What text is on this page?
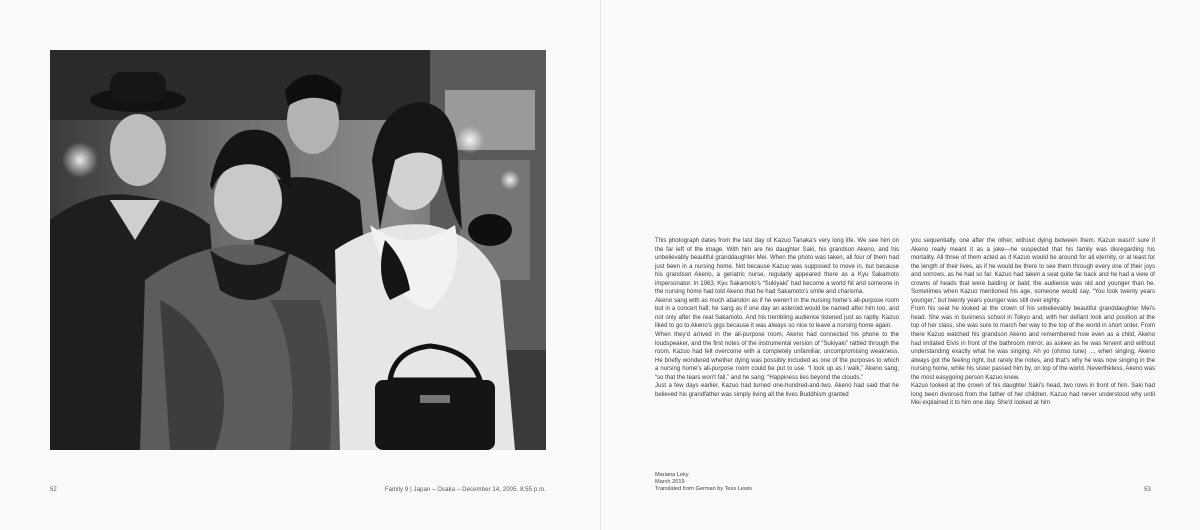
52	Family 9 | Japan – Osaka – December 14, 2005, 8:55 p.m.

This photograph dates from the last day of Kazuo Tanaka's very long life. We see him on the far left of the image. With him are his daughter Saki, his grandson Akeno, and his unbelievably beautiful granddaughter Mei. When the photo was taken, all four of them had just been in a nursing home. Not because Kazuo was supposed to move in, but because his grandson Akeno, a geriatric nurse, regularly appeared there as a Kyu Sakamoto impersonator. In 1963, Kyu Sakamoto's “Sukiyaki” had become a world hit and someone in the nursing home had told Akeno that he had Sakamoto's smile and charisma.

Akeno sang with as much abandon as if he weren't in the nursing home's all-purpose room but in a concert hall; he sang as if one day an asteroid would be named after him too, and not only after the real Sakamoto. And his trembling audience listened just as raptly. Kazuo liked to go to Akeno's gigs because it was always so nice to leave a nursing home again.

When they'd arrived in the all-purpose room, Akeno had connected his phone to the loudspeaker, and the first notes of the instrumental version of “Sukiyaki” rattled through the room. Kazuo had felt overcome with a completely unfamiliar, uncompromising weakness. He briefly wondered whether dying was possibly included as one of the purposes to which a nursing home's all-purpose room could be put to use. “I look up as I walk,” Akeno sang, “so that the tears won't fall,” and he sang: “Happiness lies beyond the clouds.”

Just a few days earlier, Kazuo had turned one-hundred-and-two. Akeno had said that he believed his grandfather was simply living all the lives Buddhism granted

you sequentially, one after the other, without dying between them. Kazuo wasn't sure if Akeno really meant it as a joke—he suspected that his family was disregarding his mortality. All three of them acted as if Kazuo would be around for all eternity, or at least for the length of their lives, as if he would be there to see them through every one of their joys and sorrows, as he had so far. Kazuo had taken a seat quite far back and he had a view of crowns of heads that were balding or bald; the audience was old and younger than he. Sometimes when Kazuo mentioned his age, someone would say, “You look twenty years younger,” but twenty years younger was still over eighty.

From his seat he looked at the crown of his unbelievably beautiful granddaughter Mei's head. She was in business school in Tokyo and, with her defiant look and position at the top of her class, she was sure to march her way to the top of the world in short order. From there Kazuo watched his grandson Akeno and remembered how even as a child, Akeno had imitated Elvis in front of the bathroom mirror, as askew as he was fervent and without understanding exactly what he was singing. Ah yo (ohnso tune) ..., when singing, Akeno always got the feeling right, but rarely the notes, and that's why he was now singing in the nursing home, while his sister passed him by, on top of the world. Nevertheless, Akeno was the most easygoing person Kazuo knew.

Kazuo looked at the crown of his daughter Saki's head, two rows in front of him. Saki had long been divorced from the father of her children. Kazuo had never understood why until Mei explained it to him one day. She'd looked at him

Mariana Leky
March 2019
Translated from German by Tess Lewis	53
